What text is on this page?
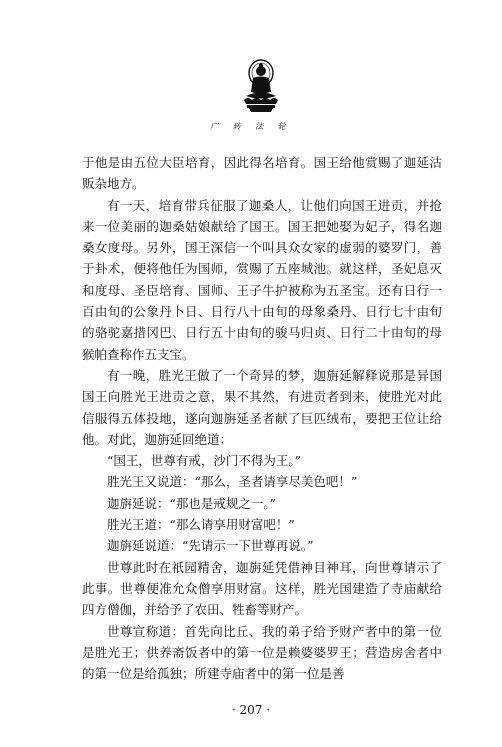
广 转 法 轮

于他是由五位大臣培育，因此得名培育。国王给他赏赐了迦延沽贩杂地方。

有一天，培育带兵征服了迦桑人，让他们向国王进贡，并抢来一位美丽的迦桑姑娘献给了国王。国王把她娶为妃子，得名迦桑女度母。另外，国王深信一个叫具众女家的虚弱的婆罗门，善于卦术，便将他任为国师，赏赐了五座城池。就这样，圣妃息灭和度母、圣臣培育、国师、王子牛护被称为五圣宝。还有日行一百由旬的公象丹卜日、日行八十由旬的母象桑丹、日行七十由旬的骆驼嘉措冈巴、日行五十由旬的骏马归贞、日行二十由旬的母猴帕查称作五支宝。

有一晚，胜光王做了一个奇异的梦，迦旃延解释说那是异国国王向胜光王进贡之意，果不其然，有进贡者到来，使胜光对此信服得五体投地，遂向迦旃延圣者献了巨匹绒布，要把王位让给他。对此，迦旃延回绝道：

“国王，世尊有戒，沙门不得为王。”

胜光王又说道：“那么，圣者请享尽美色吧！”

迦旃延说：“那也是戒规之一。”

胜光王道：“那么请享用财富吧！”

迦旃延说道：“先请示一下世尊再说。”

世尊此时在祇园精舍，迦旃延凭借神目神耳，向世尊请示了此事。世尊便准允众僧享用财富。这样，胜光国建造了寺庙献给四方僧伽，并给予了农田、牲畜等财产。

世尊宣称道：首先向比丘、我的弟子给予财产者中的第一位是胜光王；供养斋饭者中的第一位是赖婆婆罗王；营造房舍者中的第一位是给孤独；所建寺庙者中的第一位是善

· 207 ·
